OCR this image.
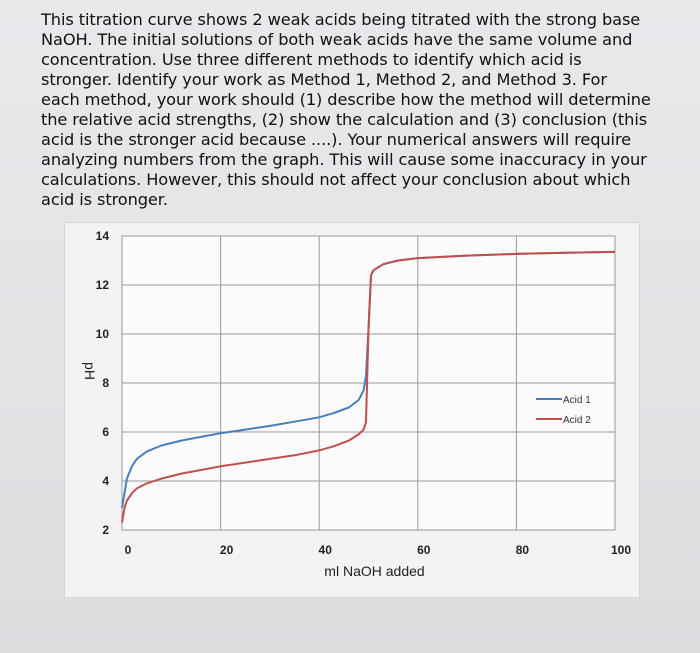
This titration curve shows 2 weak acids being titrated with the strong base
NaOH. The initial solutions of both weak acids have the same volume and
concentration. Use three different methods to identify which acid is
stronger. Identify your work as Method 1, Method 2, and Method 3. For
each method, your work should (1) describe how the method will determine
the relative acid strengths, (2) show the calculation and (3) conclusion (this
acid is the stronger acid because ....). Your numerical answers will require
analyzing numbers from the graph. This will cause some inaccuracy in your
calculations. However, this should not affect your conclusion about which
acid is stronger.
2
4
6
8
10
12
14
0	20	40	60	80	100
ml NaOH added
pH
Acid 1
Acid 2
